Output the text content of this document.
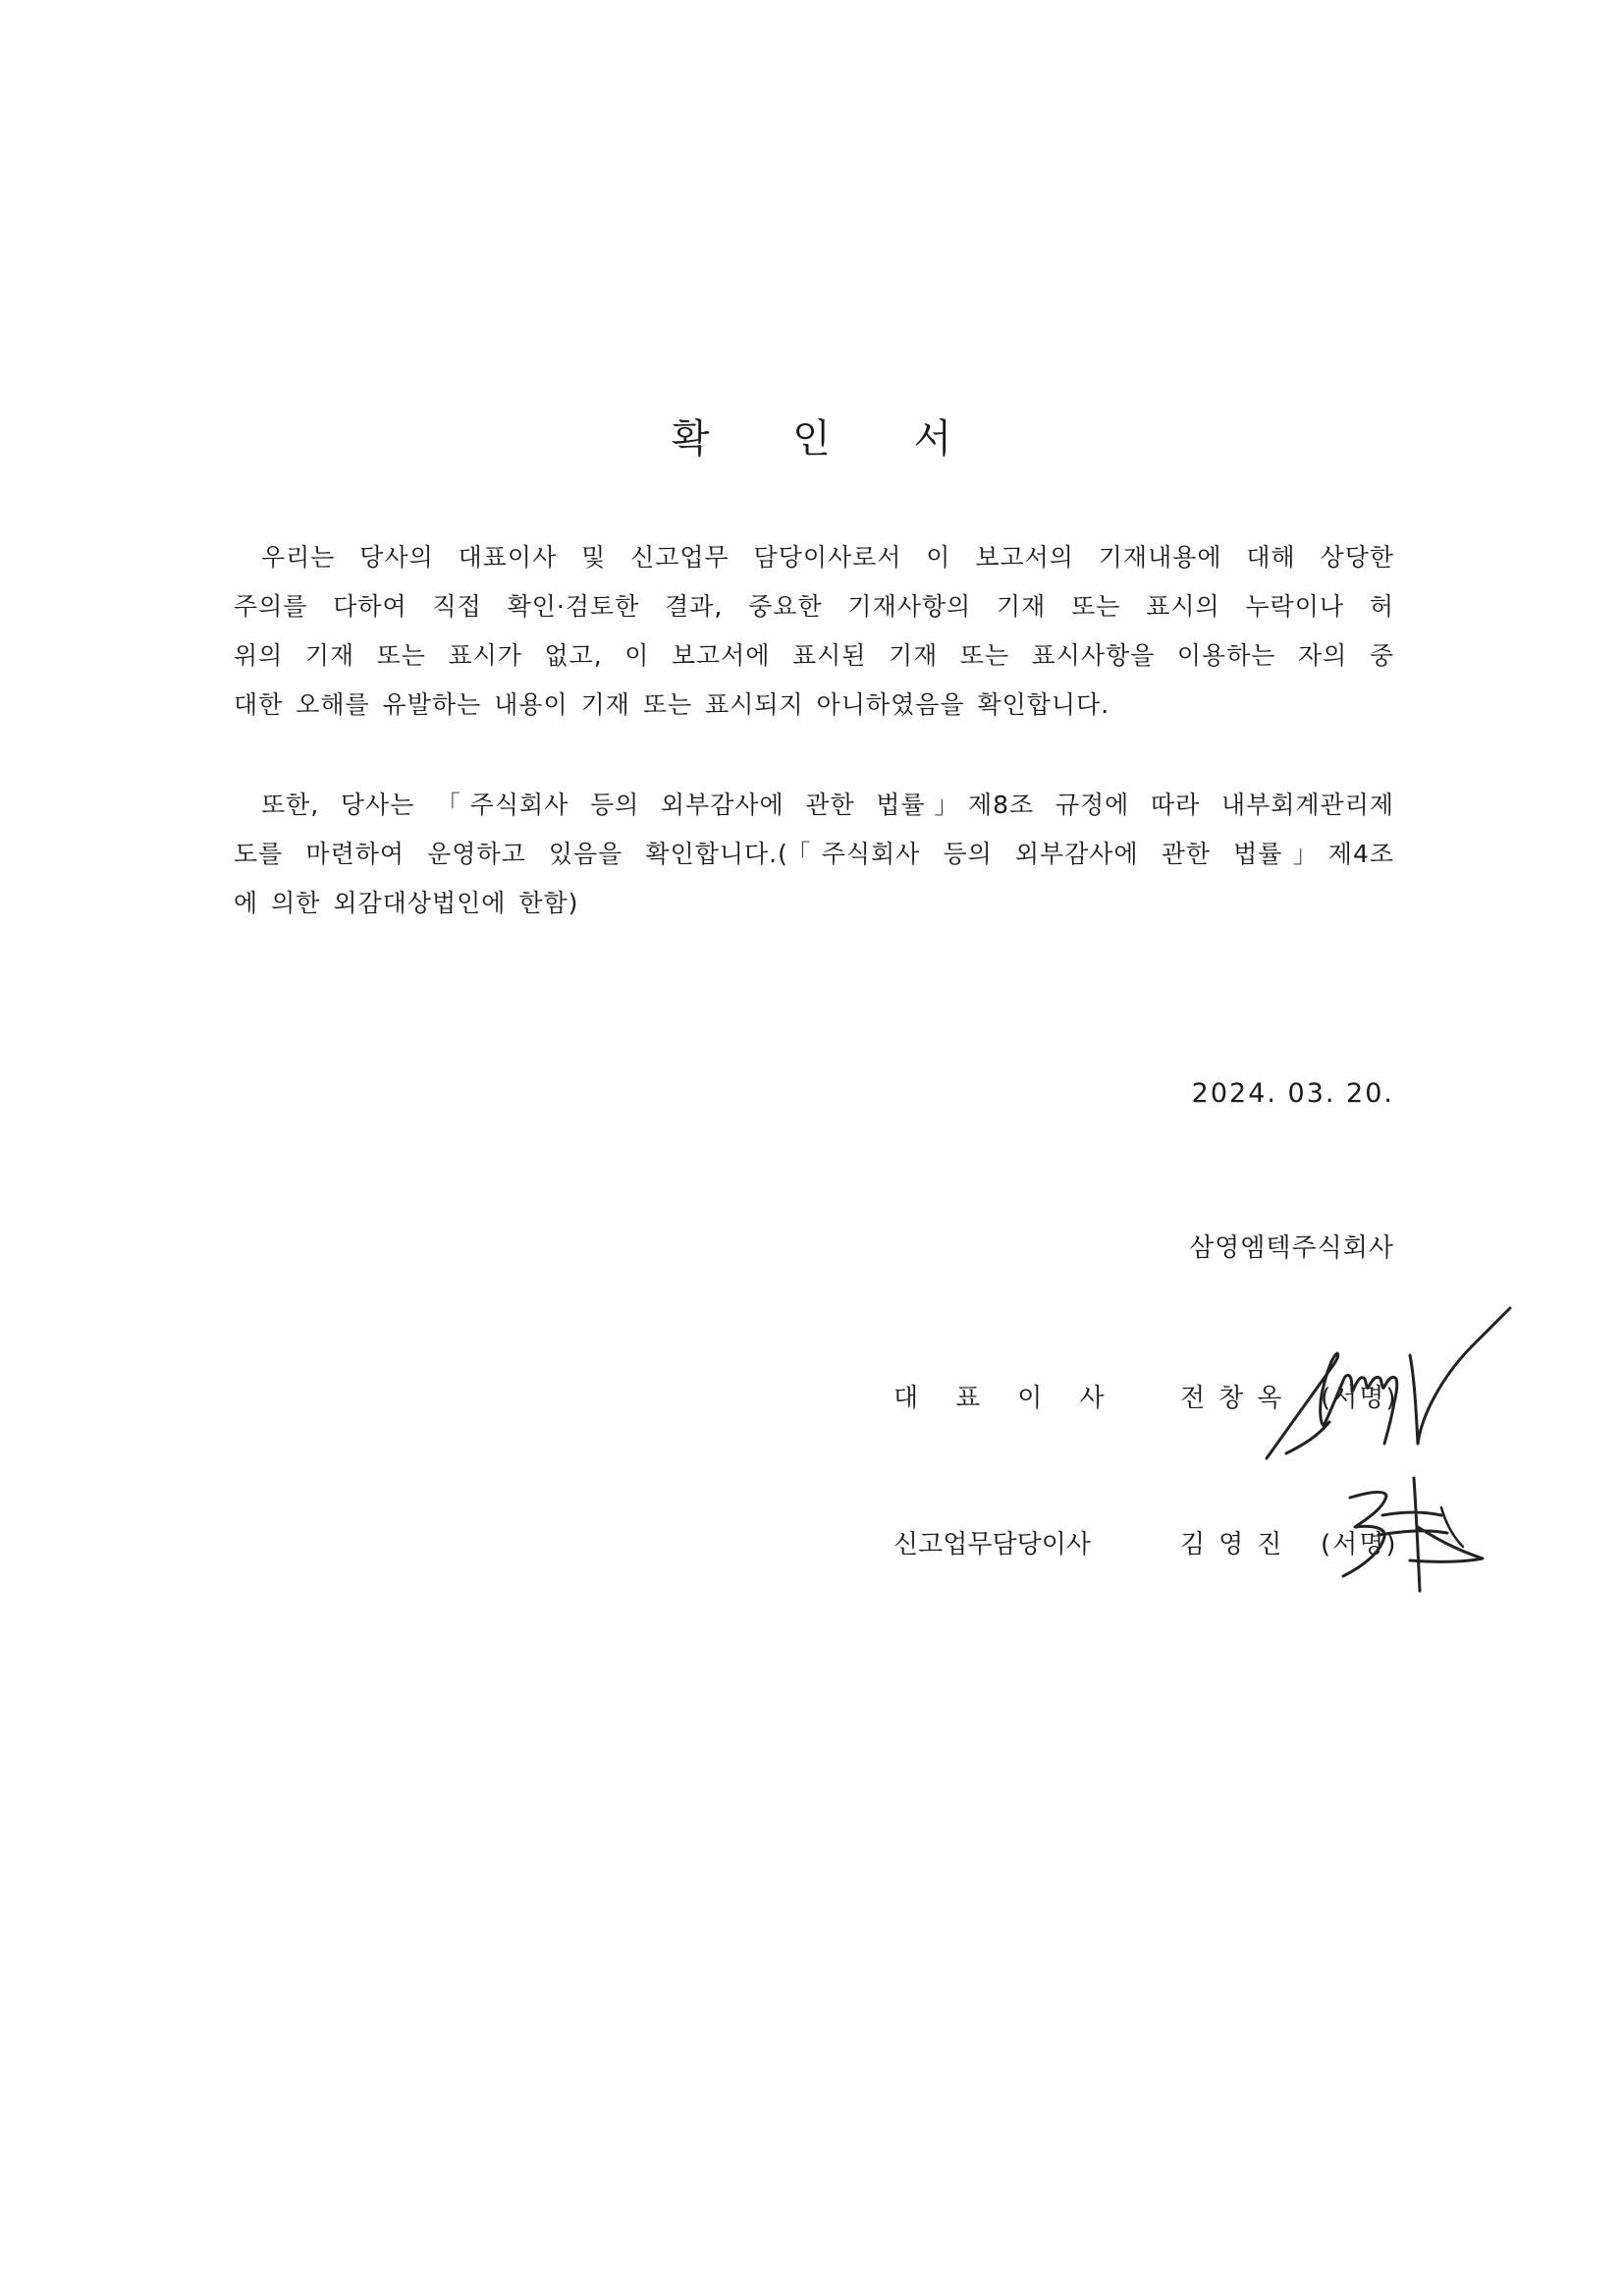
확 인 서
우리는 당사의 대표이사 및 신고업무 담당이사로서 이 보고서의 기재내용에 대해 상당한
주의를 다하여 직접 확인·검토한 결과, 중요한 기재사항의 기재 또는 표시의 누락이나 허
위의 기재 또는 표시가 없고, 이 보고서에 표시된 기재 또는 표시사항을 이용하는 자의 중
대한 오해를 유발하는 내용이 기재 또는 표시되지 아니하였음을 확인합니다.
또한, 당사는 「주식회사 등의 외부감사에 관한 법률」제8조 규정에 따라 내부회계관리제
도를 마련하여 운영하고 있음을 확인합니다.(「주식회사 등의 외부감사에 관한 법률」제4조
에 의한 외감대상법인에 한함)
2024. 03. 20.
삼영엠텍주식회사
대표이사 전창옥 (서명)
신고업무담당이사	김영진 (서명)
